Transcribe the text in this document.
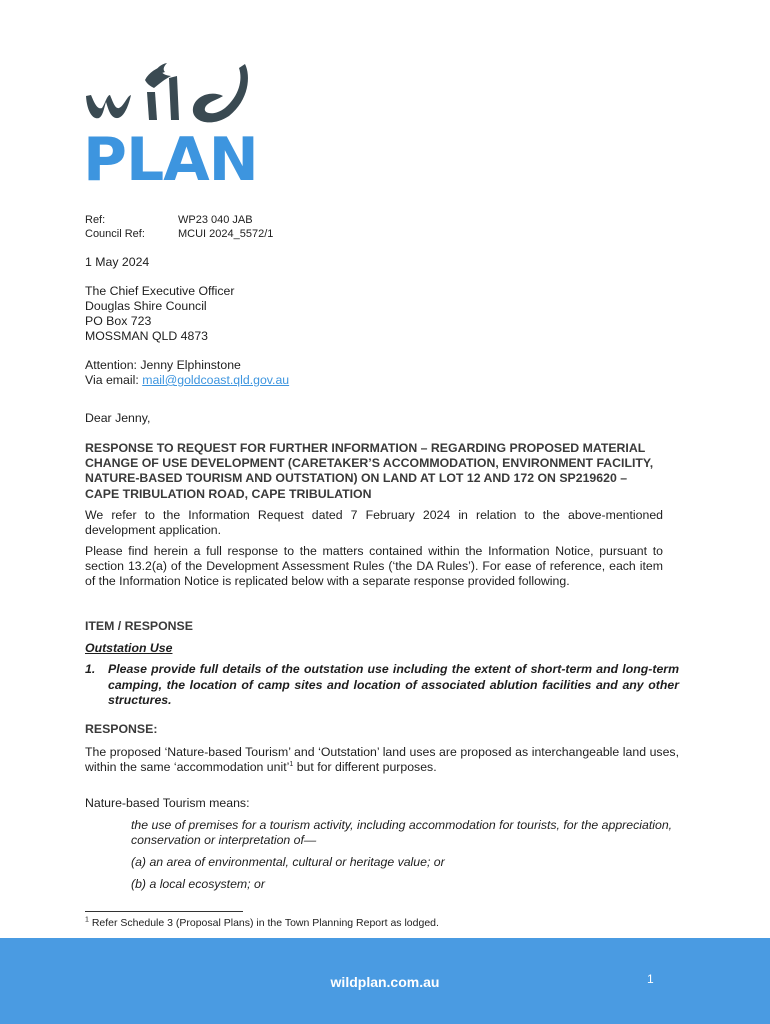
PLAN
Ref:	WP23 040 JAB
Council Ref:	MCUI 2024_5572/1
1 May 2024
The Chief Executive Officer
Douglas Shire Council
PO Box 723
MOSSMAN QLD 4873
Attention: Jenny Elphinstone
Via email: mail@goldcoast.qld.gov.au
Dear Jenny,
RESPONSE TO REQUEST FOR FURTHER INFORMATION – REGARDING PROPOSED MATERIAL CHANGE OF USE DEVELOPMENT (CARETAKER’S ACCOMMODATION, ENVIRONMENT FACILITY, NATURE-BASED TOURISM AND OUTSTATION) ON LAND AT LOT 12 AND 172 ON SP219620 – CAPE TRIBULATION ROAD, CAPE TRIBULATION
We refer to the Information Request dated 7 February 2024 in relation to the above-mentioned development application.
Please find herein a full response to the matters contained within the Information Notice, pursuant to section 13.2(a) of the Development Assessment Rules (‘the DA Rules’). For ease of reference, each item of the Information Notice is replicated below with a separate response provided following.
ITEM / RESPONSE
Outstation Use
1.	Please provide full details of the outstation use including the extent of short-term and long-term camping, the location of camp sites and location of associated ablution facilities and any other structures.
RESPONSE:
The proposed ‘Nature-based Tourism’ and ‘Outstation’ land uses are proposed as interchangeable land uses, within the same ‘accommodation unit’$^1$ but for different purposes.
Nature-based Tourism means:
the use of premises for a tourism activity, including accommodation for tourists, for the appreciation, conservation or interpretation of—
(a) an area of environmental, cultural or heritage value; or
(b) a local ecosystem; or
$^1$ Refer Schedule 3 (Proposal Plans) in the Town Planning Report as lodged.
wildplan.com.au	1
